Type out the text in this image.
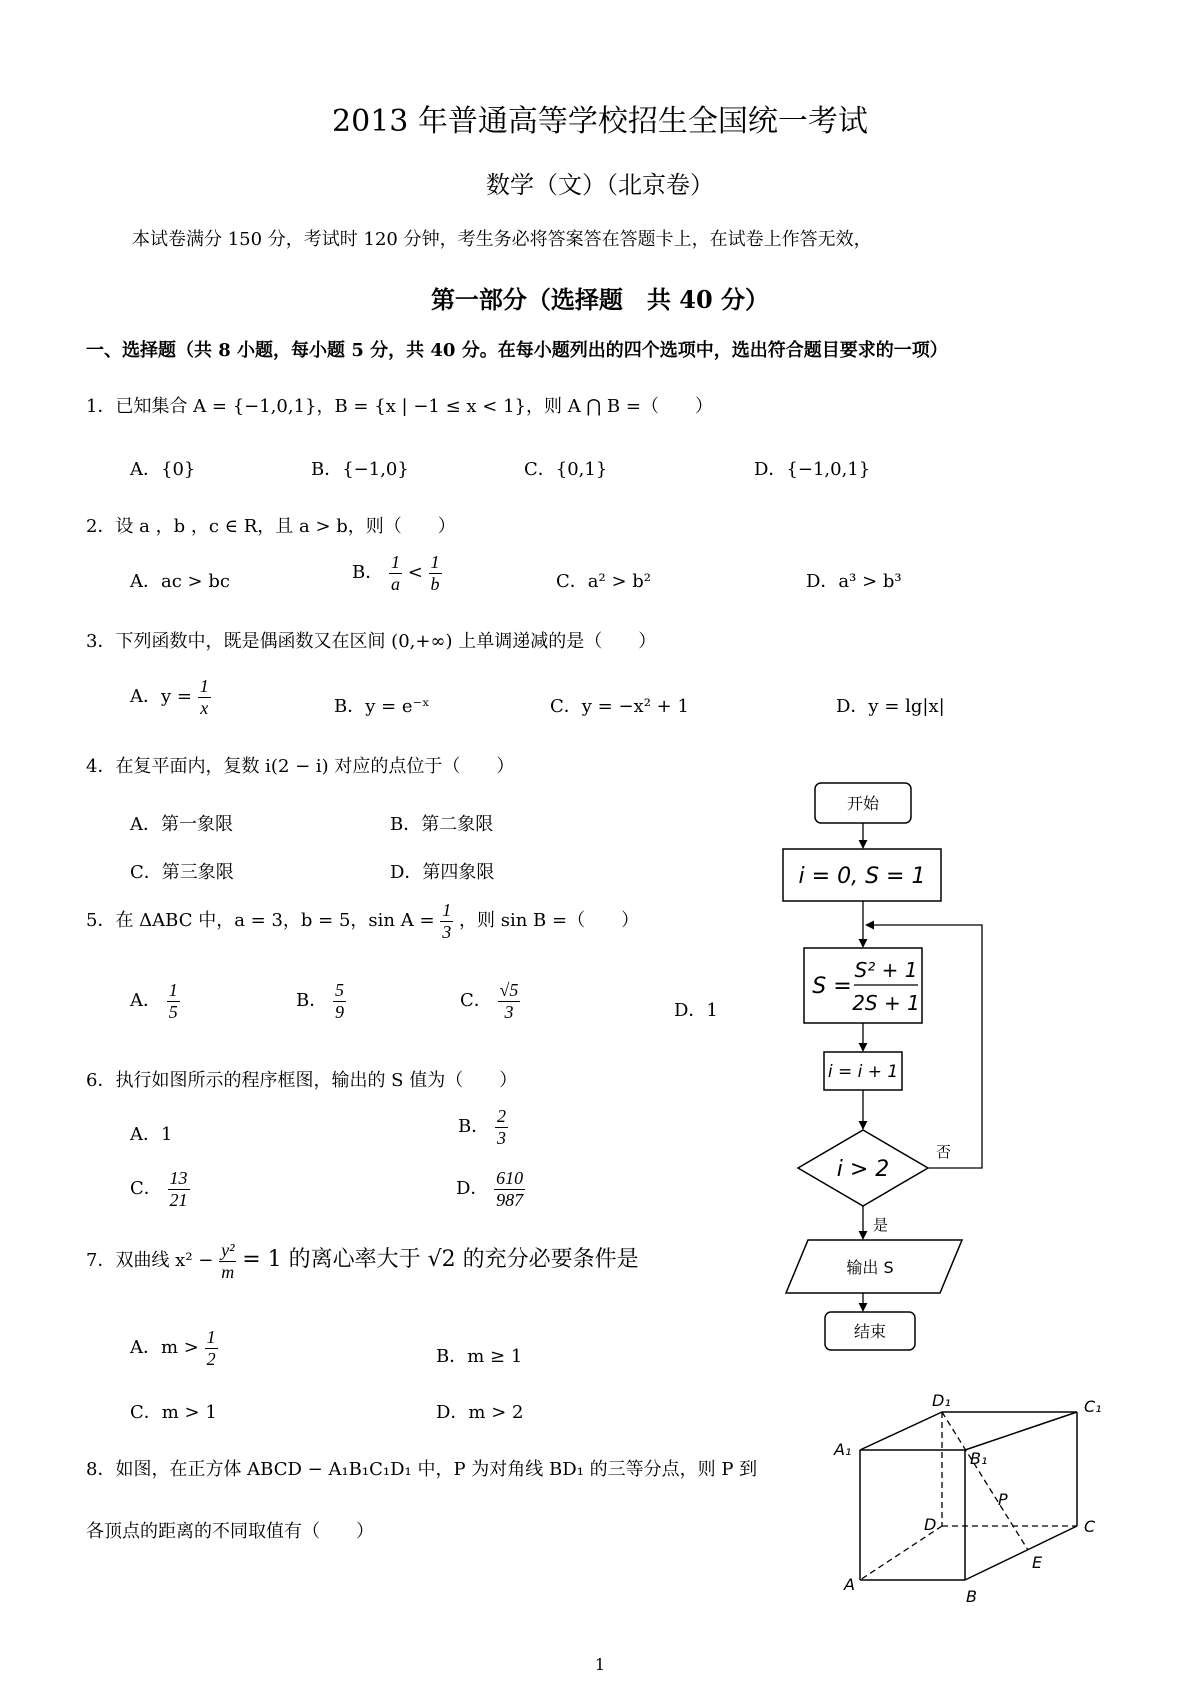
2013 年普通高等学校招生全国统一考试
数学（文）（北京卷）
本试卷满分 150 分，考试时 120 分钟，考生务必将答案答在答题卡上，在试卷上作答无效，
第一部分（选择题　共 40 分）
一、选择题（共 8 小题，每小题 5 分，共 40 分。在每小题列出的四个选项中，选出符合题目要求的一项）
1．已知集合 A = {−1,0,1}，B = {x | −1 ≤ x < 1}，则 A ⋂ B =（　　）
A．{0}	B．{−1,0}	C．{0,1}	D．{−1,0,1}
2．设 a ，b ，c ∈ R，且 a > b，则（　　）
A．ac > bc	B． $\frac{1}{a} < \frac{1}{b}$	C．a² > b²	D．a³ > b³
3．下列函数中，既是偶函数又在区间 (0,+∞) 上单调递减的是（　　）
A．$y = \frac{1}{x}$	B．y = e⁻ˣ	C．y = −x² + 1	D．y = lg|x|
4．在复平面内，复数 i(2 − i) 对应的点位于（　　）
A．第一象限	B．第二象限
C．第三象限	D．第四象限
5．在 ΔABC 中，a = 3，b = 5，$\sin A = \frac{1}{3}$ ，则 sin B =（　　）
A． $\frac{1}{5}$	B． $\frac{5}{9}$	C． $\frac{√5}{3}$	D．1
6．执行如图所示的程序框图，输出的 S 值为（　　）
A．1	B． $\frac{2}{3}$
C． $\frac{13}{21}$	D． $\frac{610}{987}$
7．双曲线 $x^2 - \frac{\text{y²}}{m} = 1$ 的离心率大于 √2 的充分必要条件是
A．$m > \frac{1}{2}$	B．m ≥ 1
C．m > 1	D．m > 2
8．如图，在正方体 ABCD − A₁B₁C₁D₁ 中，P 为对角线 BD₁ 的三等分点，则 P 到
各顶点的距离的不同取值有（　　）
开始
i = 0, S = 1
S =
S² + 1
2S + 1
i = i + 1
i > 2
否
是
输出 S
结束
D₁	C₁
A₁	B₁
P
D	C
A
E
B
1
